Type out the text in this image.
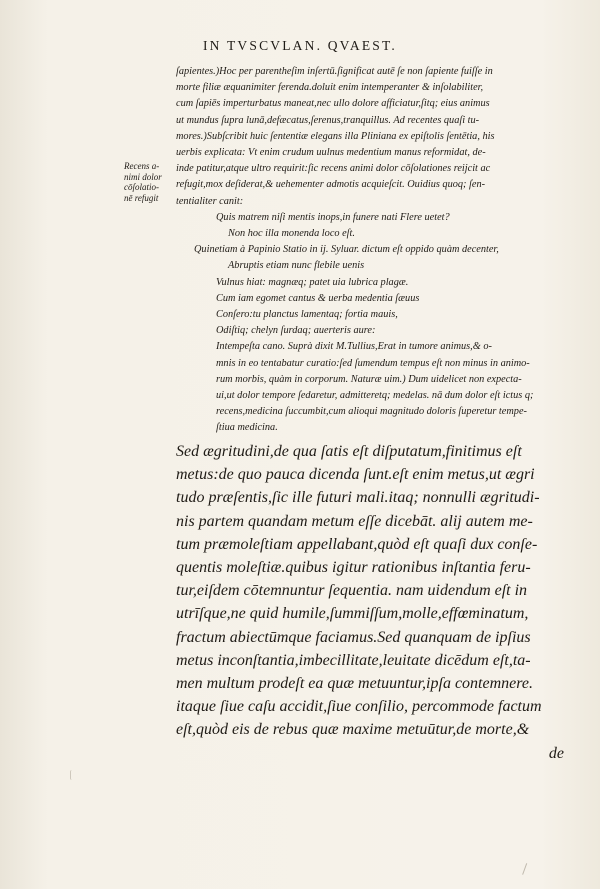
IN TVSCVLAN. QVAEST.
Recens a-
nimi dolor
cōſolatio-
nē refugit
ſapientes.)Hoc per parentheſim inſertū.ſignificat autē ſe non ſapiente fuiſſe in
morte filiæ æquanimiter ferenda.doluit enim intemperanter & inſolabiliter,
cum ſapiēs imperturbatus maneat,nec ullo dolore afficiatur,ſitq; eius animus
ut mundus ſupra lunā,defæcatus,ſerenus,tranquillus. Ad recentes quaſi tu-
mores.)Subſcribit huic ſententiæ elegans illa Pliniana ex epiſtolis ſentētia, his
uerbis explicata: Vt enim crudum uulnus medentium manus reformidat, de-
inde patitur,atque ultro requirit:ſic recens animi dolor cōſolationes reijcit ac
refugit,mox deſiderat,& uehementer admotis acquieſcit. Ouidius quoq; ſen-
tentialiter canit:
Quis matrem niſi mentis inops,in funere nati Flere uetet?
Non hoc illa monenda loco eſt.
Quinetiam à Papinio Statio in ij. Syluar. dictum eſt oppido quàm decenter,
Abruptis etiam nunc flebile uenis
Vulnus hiat: magnæq; patet uia lubrica plagæ.
Cum iam egomet cantus & uerba medentia ſæuus
Conſero:tu planctus lamentaq; fortia mauis,
Odiſtiq; chelyn ſurdaq; auerteris aure:
Intempeſta cano. Suprà dixit M.Tullius,Erat in tumore animus,& o-
mnis in eo tentabatur curatio:ſed ſumendum tempus eſt non minus in animo-
rum morbis, quàm in corporum. Naturæ uim.) Dum uidelicet non expecta-
ui,ut dolor tempore ſedaretur, admitteretq; medelas. nā dum dolor eſt ictus q;
recens,medicina ſuccumbit,cum alioqui magnitudo doloris ſuperetur tempe-
ſtiua medicina.
Sed ægritudini,de qua ſatis eſt diſputatum,finitimus eſt
metus:de quo pauca dicenda ſunt.eſt enim metus,ut ægri
tudo præſentis,ſic ille futuri mali.itaq; nonnulli ægritudi-
nis partem quandam metum eſſe dicebāt. alij autem me-
tum præmoleſtiam appellabant,quòd eſt quaſi dux conſe-
quentis moleſtiæ.quibus igitur rationibus inſtantia feru-
tur,eiſdem cōtemnuntur ſequentia. nam uidendum eſt in
utrīſque,ne quid humile,ſummiſſum,molle,effœminatum,
fractum abiectūmque faciamus.Sed quanquam de ipſius
metus inconſtantia,imbecillitate,leuitate dicēdum eſt,ta-
men multum prodeſt ea quæ metuuntur,ipſa contemnere.
itaque ſiue caſu accidit,ſiue conſilio, percommode factum
eſt,quòd eis de rebus quæ maxime metuūtur,de morte,&
de
